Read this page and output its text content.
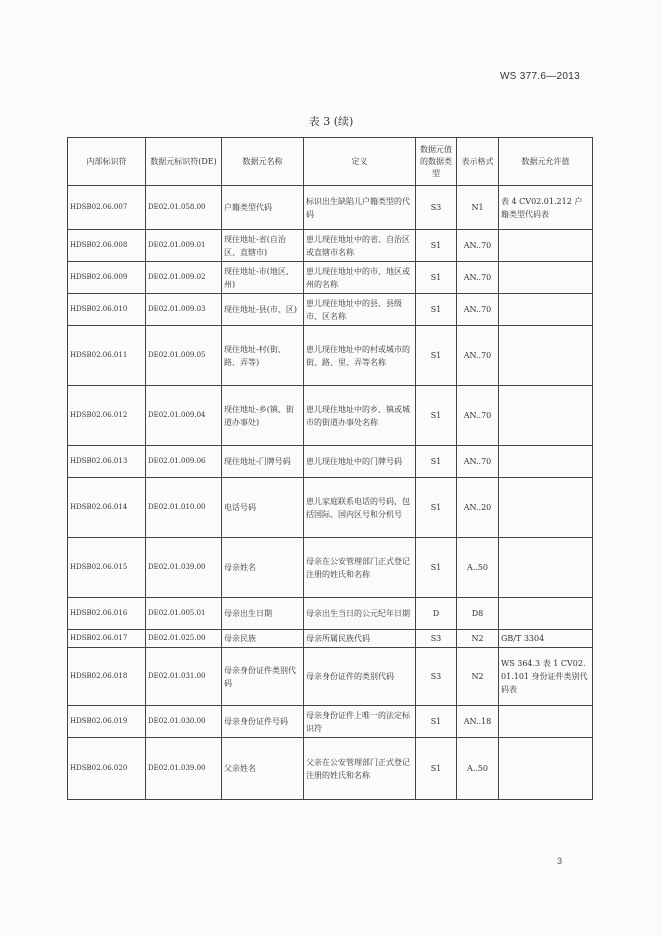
WS 377.6—2013
表 3 (续)
内部标识符	数据元标识符(DE)	数据元名称	定义	数据元值的数据类型	表示格式	数据元允许值
HDSB02.06.007	DE02.01.058.00	户籍类型代码	标识出生缺陷儿户籍类型的代码	S3	N1	表 4 CV02.01.212 户籍类型代码表
HDSB02.06.008	DE02.01.009.01	现住地址-省(自治区、直辖市)	患儿现住地址中的省、自治区或直辖市名称	S1	AN..70	
HDSB02.06.009	DE02.01.009.02	现住地址-市(地区、州)	患儿现住地址中的市、地区或州的名称	S1	AN..70	
HDSB02.06.010	DE02.01.009.03	现住地址-县(市、区)	患儿现住地址中的县、县级市、区名称	S1	AN..70	
HDSB02.06.011	DE02.01.009.05	现住地址-村(街、路、弄等)	患儿现住地址中的村或城市的街、路、里、弄等名称	S1	AN..70	
HDSB02.06.012	DE02.01.009.04	现住地址-乡(镇、街道办事处)	患儿现住地址中的乡、镇或城市的街道办事处名称	S1	AN..70	
HDSB02.06.013	DE02.01.009.06	现住地址-门牌号码	患儿现住地址中的门牌号码	S1	AN..70	
HDSB02.06.014	DE02.01.010.00	电话号码	患儿家庭联系电话的号码，包括国际、国内区号和分机号	S1	AN..20	
HDSB02.06.015	DE02.01.039.00	母亲姓名	母亲在公安管理部门正式登记注册的姓氏和名称	S1	A..50	
HDSB02.06.016	DE02.01.005.01	母亲出生日期	母亲出生当日的公元纪年日期	D	D8	
HDSB02.06.017	DE02.01.025.00	母亲民族	母亲所属民族代码	S3	N2	GB/T 3304
HDSB02.06.018	DE02.01.031.00	母亲身份证件类别代码	母亲身份证件的类别代码	S3	N2	WS 364.3 表 1 CV02.01.101 身份证件类别代码表
HDSB02.06.019	DE02.01.030.00	母亲身份证件号码	母亲身份证件上唯一的法定标识符	S1	AN..18	
HDSB02.06.020	DE02.01.039.00	父亲姓名	父亲在公安管理部门正式登记注册的姓氏和名称	S1	A..50	
3
